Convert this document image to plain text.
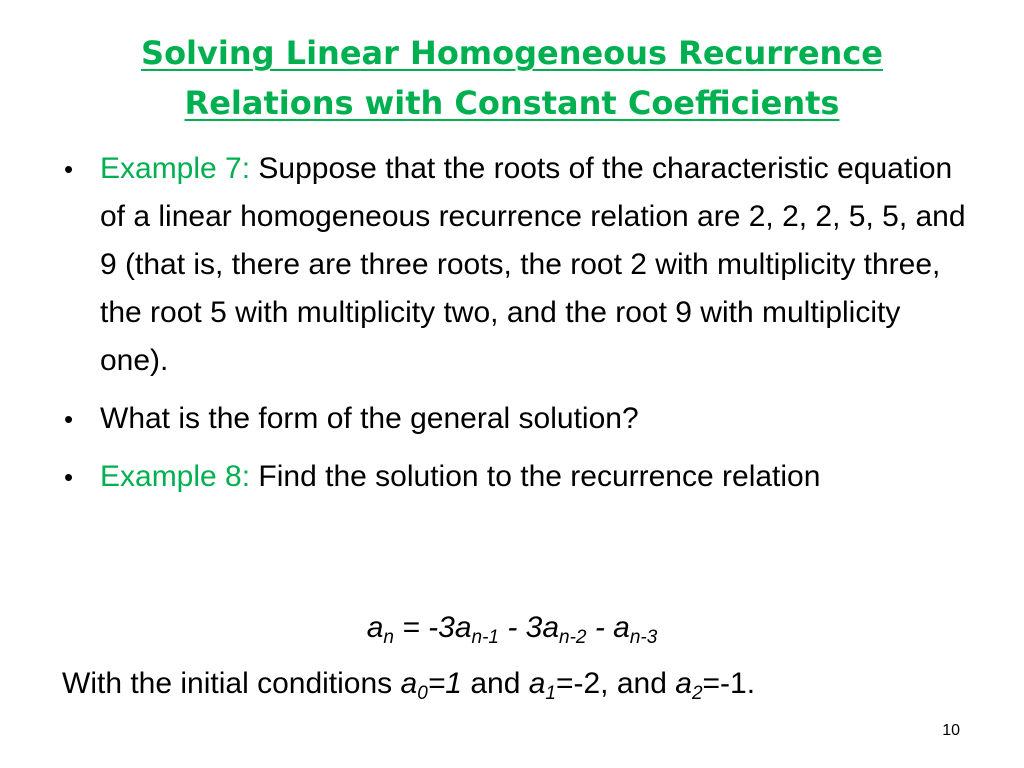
Solving Linear Homogeneous Recurrence
Relations with Constant Coefficients
• Example 7: Suppose that the roots of the characteristic equation of a linear homogeneous recurrence relation are 2, 2, 2, 5, 5, and 9 (that is, there are three roots, the root 2 with multiplicity three, the root 5 with multiplicity two, and the root 9 with multiplicity one).
• What is the form of the general solution?
• Example 8: Find the solution to the recurrence relation
$a_n = -3a_{n-1} - 3a_{n-2} - a_{n-3}$
With the initial conditions $a_0=1$ and $a_1=-2$, and $a_2=-1$.
10
